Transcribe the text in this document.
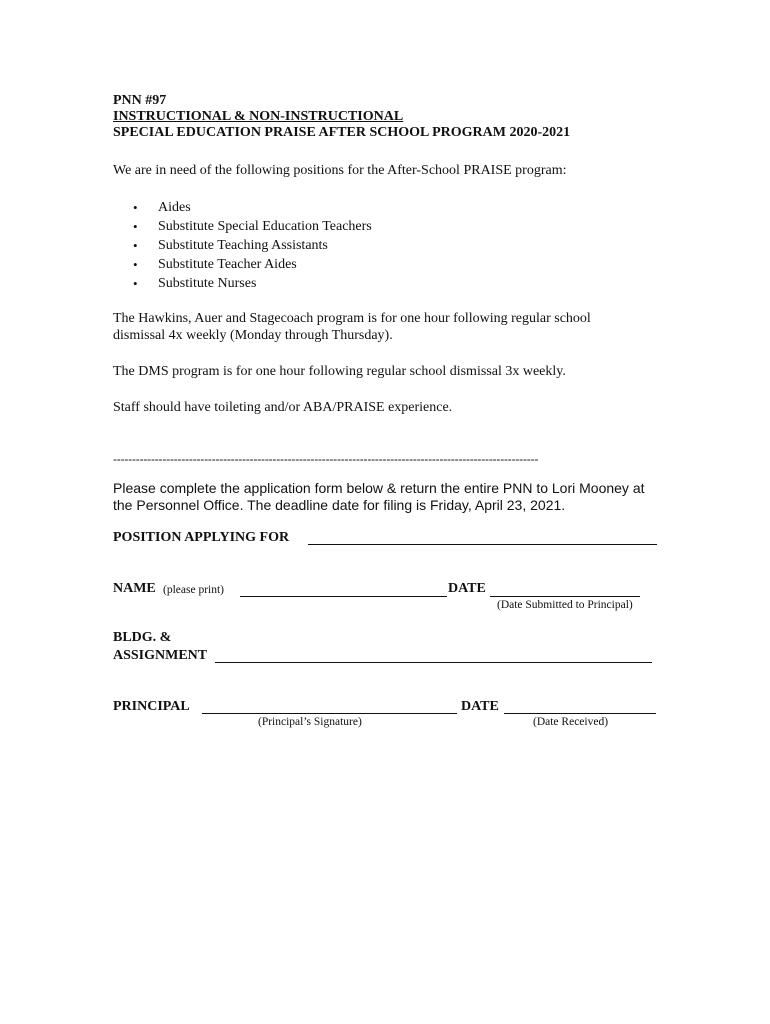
PNN #97
INSTRUCTIONAL & NON-INSTRUCTIONAL
SPECIAL EDUCATION PRAISE AFTER SCHOOL PROGRAM 2020-2021
We are in need of the following positions for the After-School PRAISE program:
• Aides
• Substitute Special Education Teachers
• Substitute Teaching Assistants
• Substitute Teacher Aides
• Substitute Nurses
The Hawkins, Auer and Stagecoach program is for one hour following regular school
dismissal 4x weekly (Monday through Thursday).
The DMS program is for one hour following regular school dismissal 3x weekly.
Staff should have toileting and/or ABA/PRAISE experience.
----------------------------------------------------------------------------------------------------------------
Please complete the application form below & return the entire PNN to Lori Mooney at
the Personnel Office. The deadline date for filing is Friday, April 23, 2021.
POSITION APPLYING FOR
NAME (please print)	DATE
(Date Submitted to Principal)
BLDG. &
ASSIGNMENT
PRINCIPAL
(Principal’s Signature)
DATE
(Date Received)
